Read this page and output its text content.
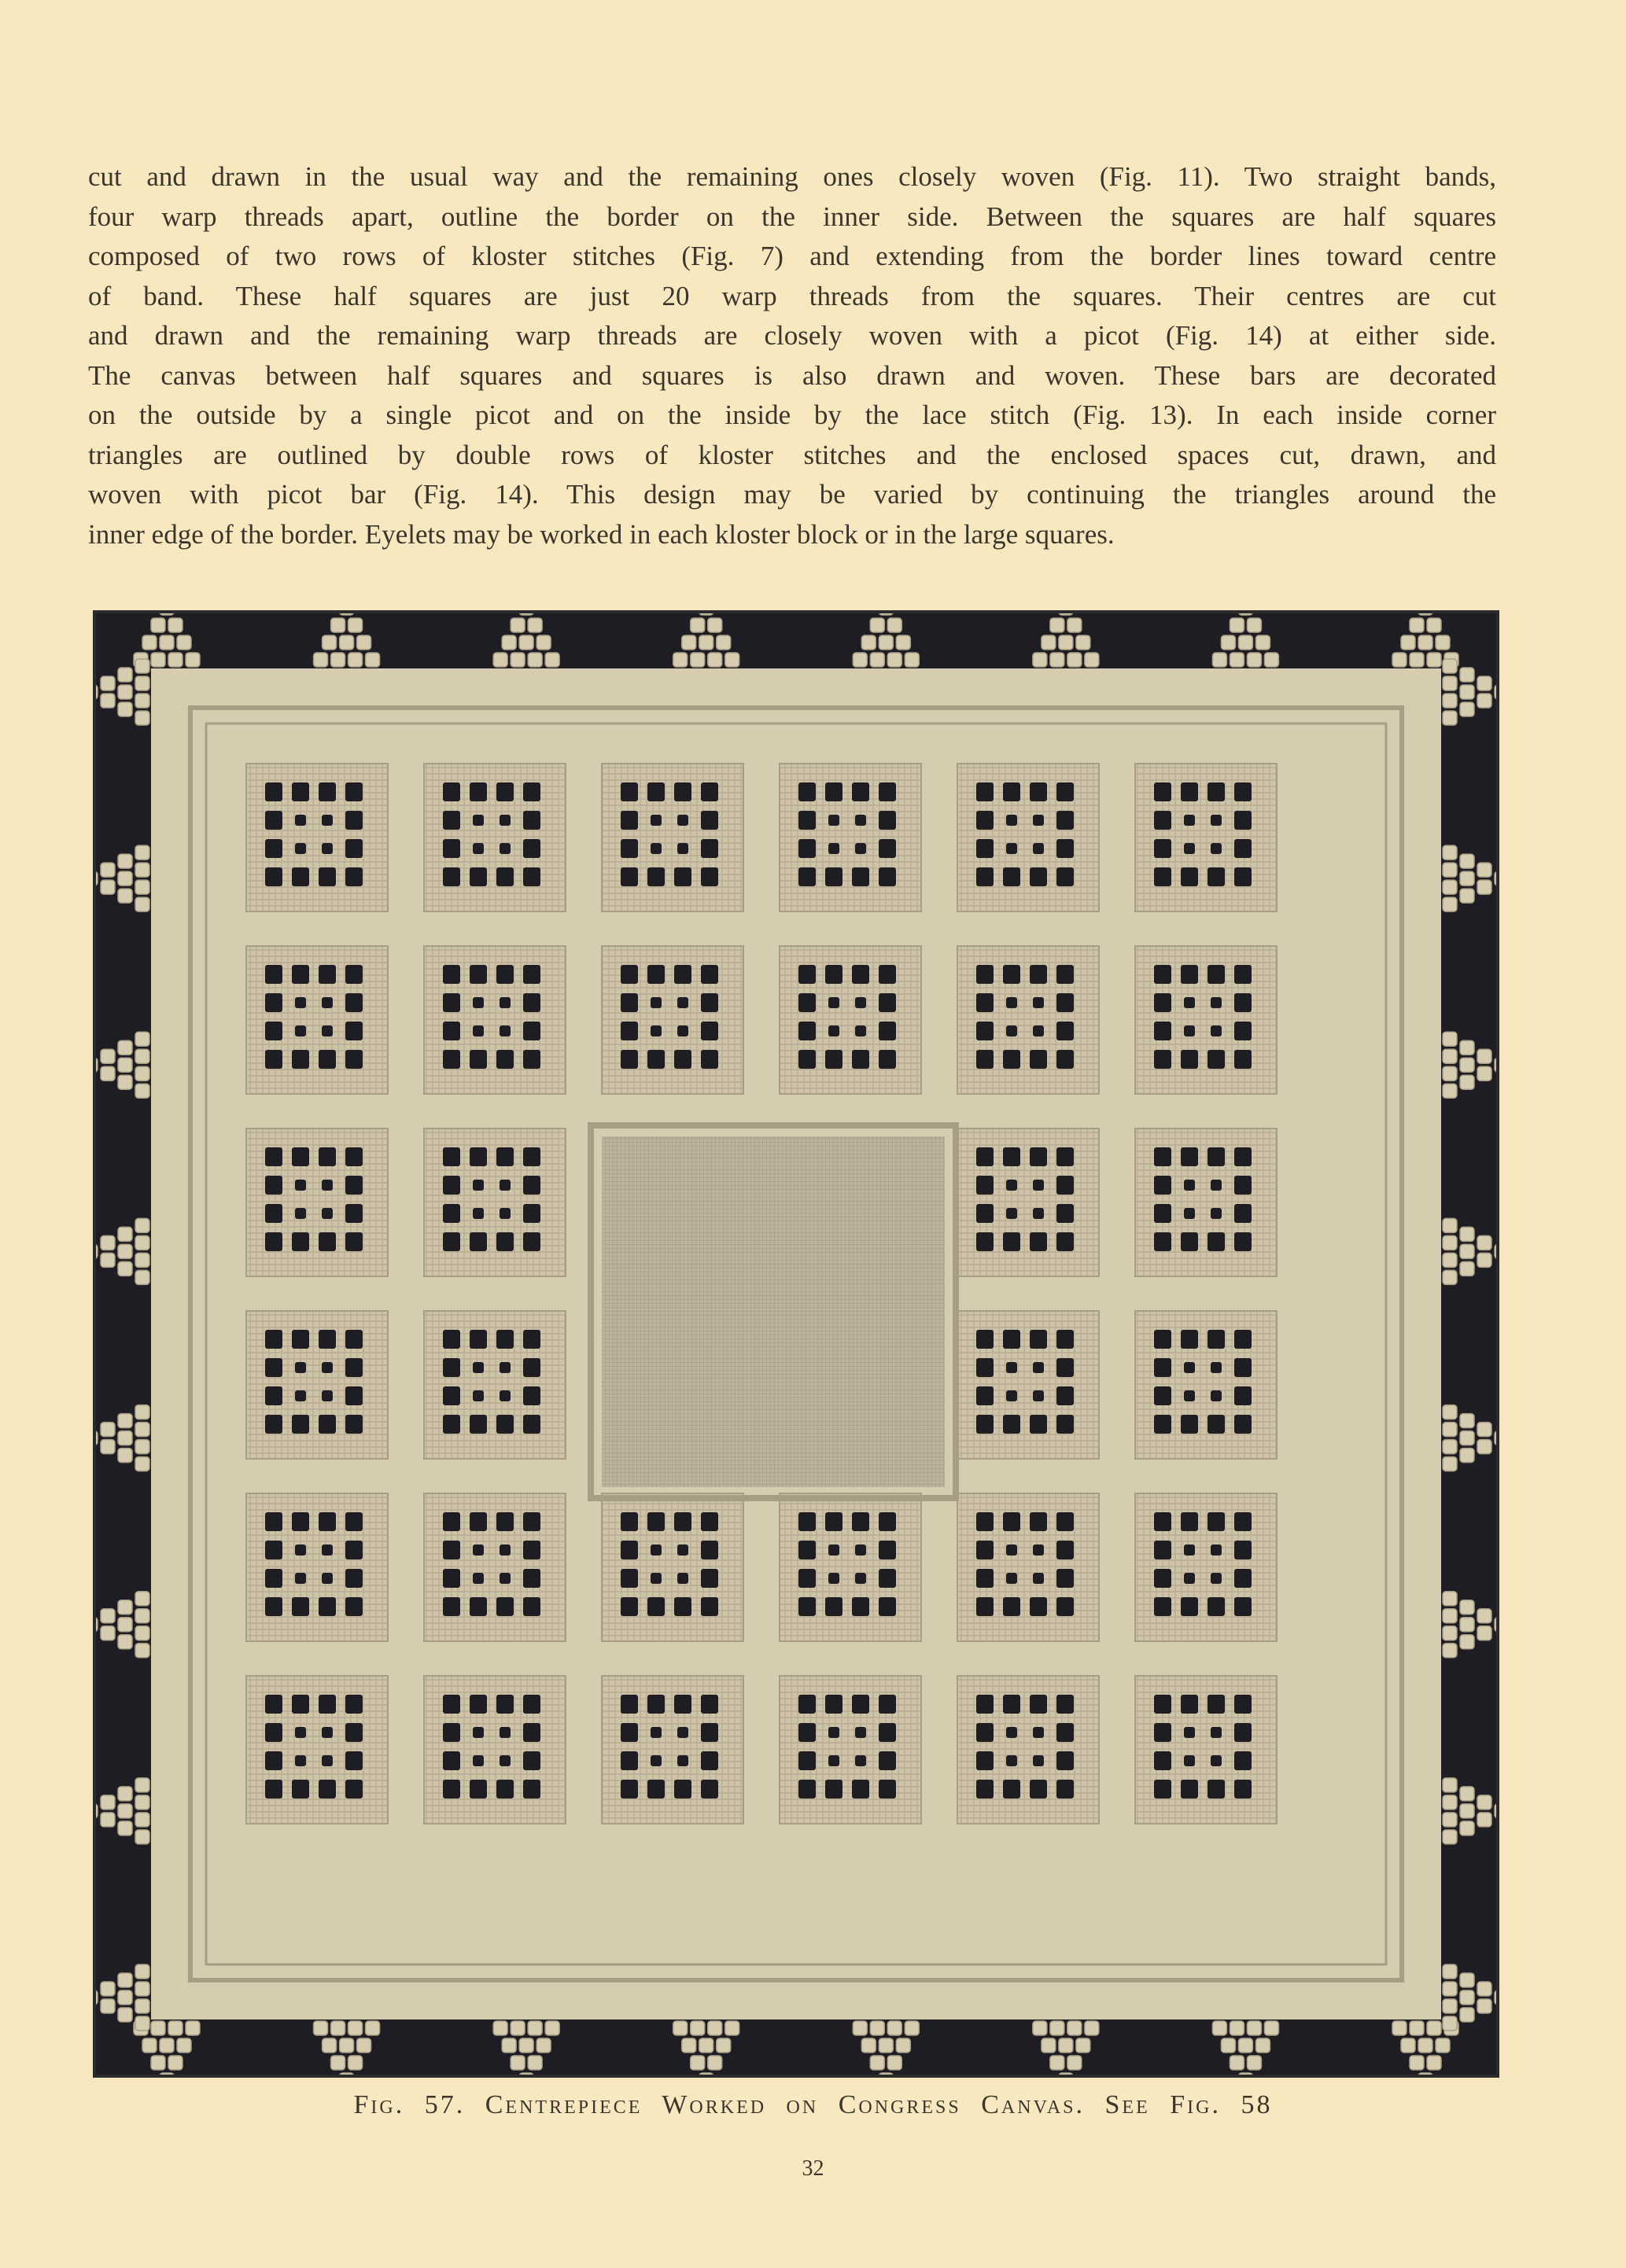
cut and drawn in the usual way and the remaining ones closely woven (Fig. 11). Two straight bands,
four warp threads apart, outline the border on the inner side. Between the squares are half squares
composed of two rows of kloster stitches (Fig. 7) and extending from the border lines toward centre
of band. These half squares are just 20 warp threads from the squares. Their centres are cut
and drawn and the remaining warp threads are closely woven with a picot (Fig. 14) at either side.
The canvas between half squares and squares is also drawn and woven. These bars are decorated
on the outside by a single picot and on the inside by the lace stitch (Fig. 13). In each inside corner
triangles are outlined by double rows of kloster stitches and the enclosed spaces cut, drawn, and
woven with picot bar (Fig. 14). This design may be varied by continuing the triangles around the
inner edge of the border. Eyelets may be worked in each kloster block or in the large squares.
Fig. 57. Centrepiece Worked on Congress Canvas. See Fig. 58
32
